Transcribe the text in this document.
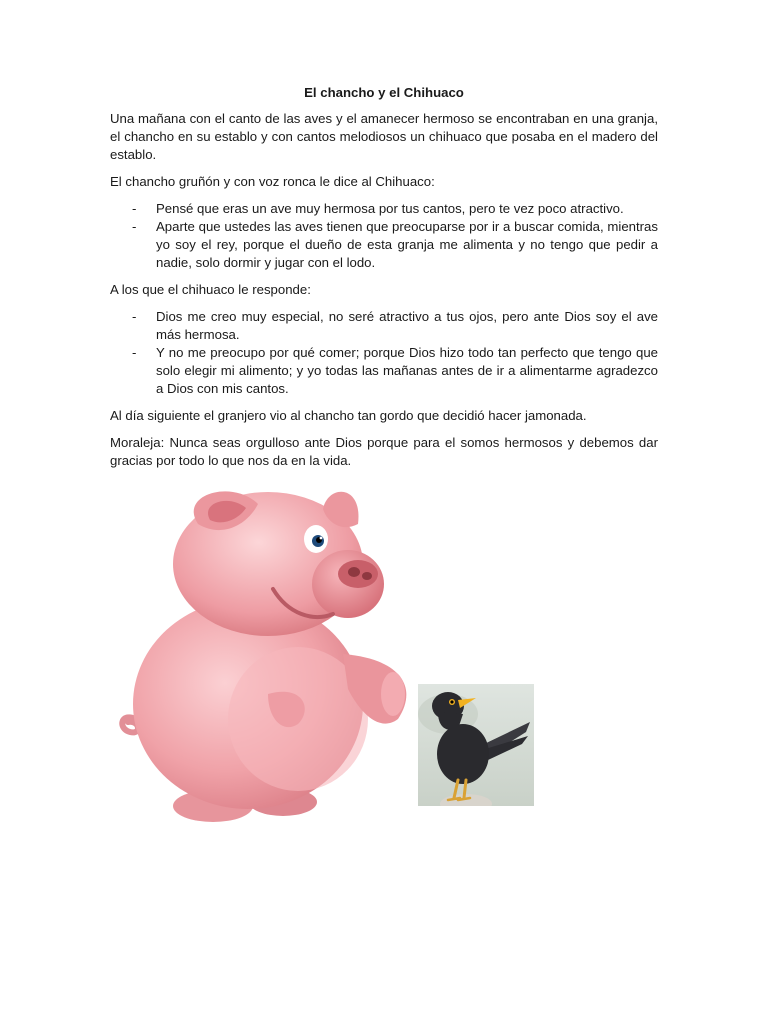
El chancho y el Chihuaco

Una mañana con el canto de las aves y el amanecer hermoso se encontraban en una granja, el chancho en su establo y con cantos melodiosos un chihuaco que posaba en el madero del establo.

El chancho gruñón y con voz ronca le dice al Chihuaco:

- Pensé que eras un ave muy hermosa por tus cantos, pero te vez poco atractivo.
- Aparte que ustedes las aves tienen que preocuparse por ir a buscar comida, mientras yo soy el rey, porque el dueño de esta granja me alimenta y no tengo que pedir a nadie, solo dormir y jugar con el lodo.

A los que el chihuaco le responde:

- Dios me creo muy especial, no seré atractivo a tus ojos, pero ante Dios soy el ave más hermosa.
- Y no me preocupo por qué comer; porque Dios hizo todo tan perfecto que tengo que solo elegir mi alimento; y yo todas las mañanas antes de ir a alimentarme agradezco a Dios con mis cantos.

Al día siguiente el granjero vio al chancho tan gordo que decidió hacer jamonada.

Moraleja: Nunca seas orgulloso ante Dios porque para el somos hermosos y debemos dar gracias por todo lo que nos da en la vida.
